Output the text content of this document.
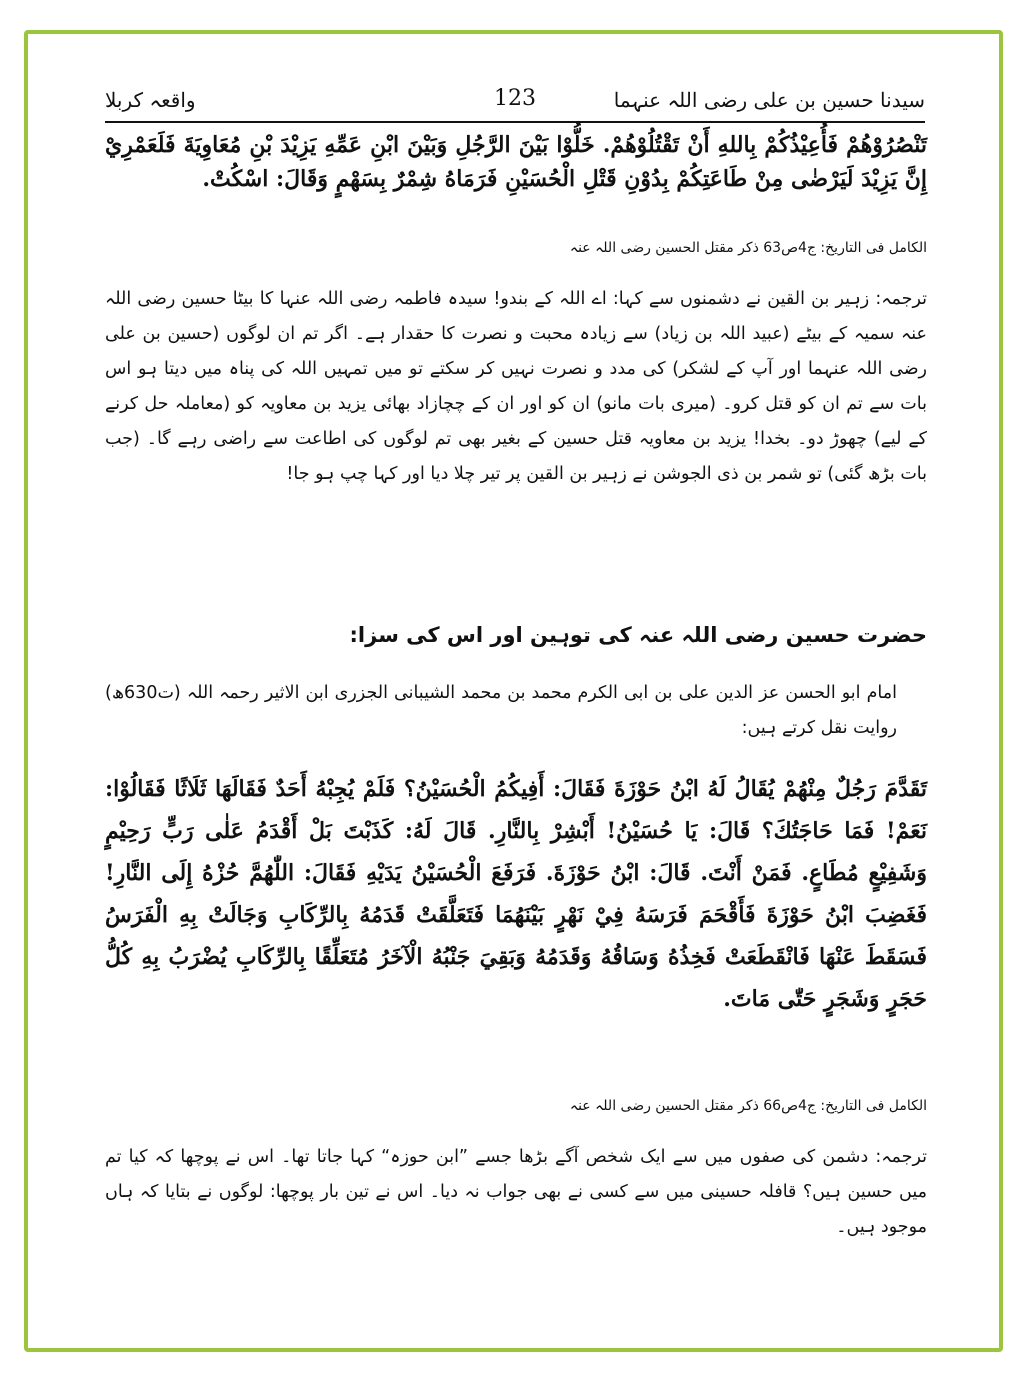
سیدنا حسین بن علی رضی اللہ عنہما
123
واقعہ کربلا
تَنْصُرُوْهُمْ فَأُعِيْذُكُمْ بِاللهِ أَنْ تَقْتُلُوْهُمْ. خَلُّوْا بَيْنَ الرَّجُلِ وَبَيْنَ ابْنِ عَمِّهِ يَزِيْدَ بْنِ مُعَاوِيَةَ فَلَعَمْرِيْ إِنَّ يَزِيْدَ لَيَرْضٰى مِنْ طَاعَتِكُمْ بِدُوْنِ قَتْلِ الْحُسَيْنِ فَرَمَاهُ شِمْرٌ بِسَهْمٍ وَقَالَ: اسْكُتْ.
الکامل فی التاریخ: ج4ص63 ذکر مقتل الحسین رضی اللہ عنہ
ترجمہ: زہیر بن القین نے دشمنوں سے کہا: اے اللہ کے بندو! سیدہ فاطمہ رضی اللہ عنہا کا بیٹا حسین رضی اللہ عنہ سمیہ کے بیٹے (عبید اللہ بن زیاد) سے زیادہ محبت و نصرت کا حقدار ہے۔ اگر تم ان لوگوں (حسین بن علی رضی اللہ عنہما اور آپ کے لشکر) کی مدد و نصرت نہیں کر سکتے تو میں تمہیں اللہ کی پناہ میں دیتا ہو اس بات سے تم ان کو قتل کرو۔ (میری بات مانو) ان کو اور ان کے چچازاد بھائی یزید بن معاویہ کو (معاملہ حل کرنے کے لیے) چھوڑ دو۔ بخدا! یزید بن معاویہ قتل حسین کے بغیر بھی تم لوگوں کی اطاعت سے راضی رہے گا۔ (جب بات بڑھ گئی) تو شمر بن ذی الجوشن نے زہیر بن القین پر تیر چلا دیا اور کہا چپ ہو جا!
حضرت حسین رضی اللہ عنہ کی توہین اور اس کی سزا:
امام ابو الحسن عز الدین علی بن ابی الکرم محمد بن محمد الشیبانی الجزری ابن الاثیر رحمہ اللہ (ت630ھ) روایت نقل کرتے ہیں:
تَقَدَّمَ رَجُلٌ مِنْهُمْ يُقَالُ لَهُ ابْنُ حَوْزَةَ فَقَالَ: أَفِيكُمُ الْحُسَيْنُ؟ فَلَمْ يُجِبْهُ أَحَدٌ فَقَالَهَا ثَلَاثًا فَقَالُوْا: نَعَمْ! فَمَا حَاجَتُكَ؟ قَالَ: يَا حُسَيْنُ! أَبْشِرْ بِالنَّارِ. قَالَ لَهُ: كَذَبْتَ بَلْ أَقْدَمُ عَلٰى رَبٍّ رَحِيْمٍ وَشَفِيْعٍ مُطَاعٍ. فَمَنْ أَنْتَ. قَالَ: ابْنُ حَوْزَةَ. فَرَفَعَ الْحُسَيْنُ يَدَيْهِ فَقَالَ: اللّٰهُمَّ حُزْهُ إِلَى النَّارِ! فَغَضِبَ ابْنُ حَوْزَةَ فَأَقْحَمَ فَرَسَهُ فِيْ نَهْرٍ بَيْنَهُمَا فَتَعَلَّقَتْ قَدَمُهُ بِالرِّكَابِ وَجَالَتْ بِهِ الْفَرَسُ فَسَقَطَ عَنْهَا فَانْقَطَعَتْ فَخِذُهُ وَسَاقُهُ وَقَدَمُهُ وَبَقِيَ جَنْبُهُ الْآخَرُ مُتَعَلِّقًا بِالرِّكَابِ يُضْرَبُ بِهِ كُلُّ حَجَرٍ وَشَجَرٍ حَتّٰى مَاتَ.
الکامل فی التاریخ: ج4ص66 ذکر مقتل الحسین رضی اللہ عنہ
ترجمہ: دشمن کی صفوں میں سے ایک شخص آگے بڑھا جسے ”ابن حوزہ“ کہا جاتا تھا۔ اس نے پوچھا کہ کیا تم میں حسین ہیں؟ قافلہ حسینی میں سے کسی نے بھی جواب نہ دیا۔ اس نے تین بار پوچھا: لوگوں نے بتایا کہ ہاں موجود ہیں۔
